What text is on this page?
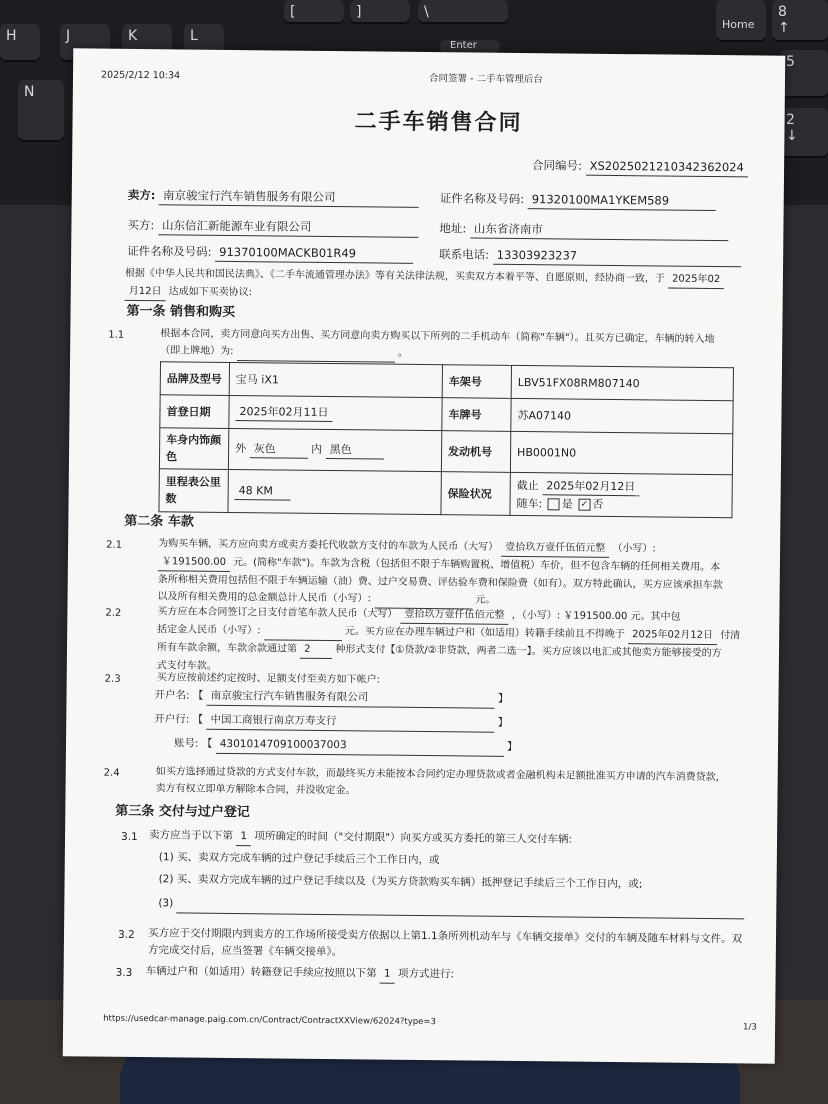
H	J	K	L
N
[	]	\
Home
Enter
8
↑
5
2
↓
2025/2/12 10:34	合同签署 - 二手车管理后台
二手车销售合同
合同编号: XS2025021210342362024
卖方: 南京骏宝行汽车销售服务有限公司	证件名称及号码: 91320100MA1YKEM589
买方: 山东信汇新能源车业有限公司	地址: 山东省济南市
证件名称及号码: 91370100MACKB01R49	联系电话: 13303923237
根据《中华人民共和国民法典》、《二手车流通管理办法》等有关法律法规，买卖双方本着平等、自愿原则，经协商一致，于 2025年02
月12日 达成如下买卖协议:
第一条 销售和购买
1.1	根据本合同，卖方同意向买方出售、买方同意向卖方购买以下所列的二手机动车（简称"车辆"）。且买方已确定，车辆的转入地
（即上牌地）为:	。
品牌及型号	宝马 iX1	车架号	LBV51FX08RM807140
首登日期	2025年02月11日	车牌号	苏A07140
车身内饰颜色	外 灰色 内 黑色	发动机号	HB0001N0
里程表公里数	48 KM	保险状况	截止 2025年02月12日
随车: 是 ✓ 否
第二条 车款
2.1	为购买车辆，买方应向卖方或卖方委托代收款方支付的车款为人民币（大写） 壹拾玖万壹仟伍佰元整 （小写）:
￥191500.00 元。(简称"车款")。车款为含税（包括但不限于车辆购置税、增值税）车价，但不包含车辆的任何相关费用。本
条所称相关费用包括但不限于车辆运输（油）费、过户交易费、评估验车费和保险费（如有）。双方特此确认，买方应该承担车款
以及所有相关费用的总金额总计人民币（小写）:	元。
2.2	买方应在本合同签订之日支付首笔车款人民币（大写） 壹拾玖万壹仟伍佰元整 ，（小写）: ￥191500.00 元。其中包
括定金人民币（小写）:	元。买方应在办理车辆过户和（如适用）转籍手续前且不得晚于 2025年02月12日 付清
所有车款余额，车款余款通过第 2 种形式支付【①贷款/②非贷款，两者二选一】。买方应该以电汇或其他卖方能够接受的方
式支付车款。
2.3	买方应按前述约定按时、足额支付至卖方如下帐户:
开户名: 【 南京骏宝行汽车销售服务有限公司	】
开户行: 【 中国工商银行南京万寿支行	】
账号: 【 4301014709100037003	】
2.4	如买方选择通过贷款的方式支付车款，而最终买方未能按本合同约定办理贷款或者金融机构未足额批准买方申请的汽车消费贷款，
卖方有权立即单方解除本合同，并没收定金。
第三条 交付与过户登记
3.1 卖方应当于以下第 1 项所确定的时间（"交付期限"）向买方或买方委托的第三人交付车辆:
(1) 买、卖双方完成车辆的过户登记手续后三个工作日内，或
(2) 买、卖双方完成车辆的过户登记手续以及（为买方贷款购买车辆）抵押登记手续后三个工作日内，或;
(3)
3.2 买方应于交付期限内到卖方的工作场所接受卖方依据以上第1.1条所列机动车与《车辆交接单》交付的车辆及随车材料与文件。双
方完成交付后，应当签署《车辆交接单》。
3.3 车辆过户和（如适用）转籍登记手续应按照以下第 1 项方式进行:
https://usedcar-manage.paig.com.cn/Contract/ContractXXView/62024?type=3
1/3
